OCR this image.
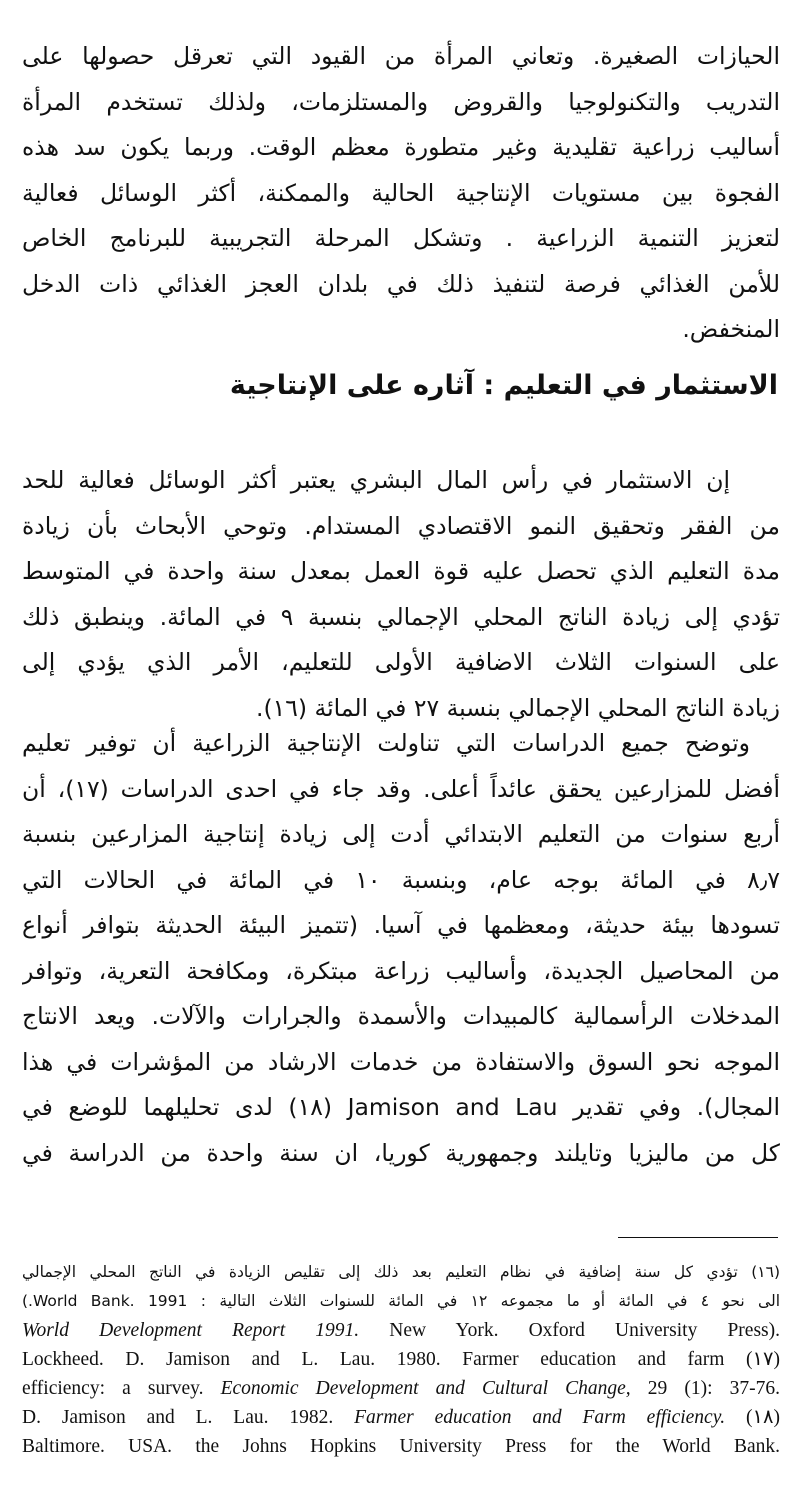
الحيازات الصغيرة. وتعاني المرأة من القيود التي تعرقل حصولها على
التدريب والتكنولوجيا والقروض والمستلزمات، ولذلك تستخدم المرأة
أساليب زراعية تقليدية وغير متطورة معظم الوقت. وربما يكون سد هذه
الفجوة بين مستويات الإنتاجية الحالية والممكنة، أكثر الوسائل فعالية
لتعزيز التنمية الزراعية . وتشكل المرحلة التجريبية للبرنامج الخاص
للأمن الغذائي فرصة لتنفيذ ذلك في بلدان العجز الغذائي ذات الدخل
المنخفض.
الاستثمار في التعليم : آثاره على الإنتاجية
إن الاستثمار في رأس المال البشري يعتبر أكثر الوسائل فعالية للحد
من الفقر وتحقيق النمو الاقتصادي المستدام. وتوحي الأبحاث بأن زيادة
مدة التعليم الذي تحصل عليه قوة العمل بمعدل سنة واحدة في المتوسط
تؤدي إلى زيادة الناتج المحلي الإجمالي بنسبة ٩ في المائة. وينطبق ذلك
على السنوات الثلاث الاضافية الأولى للتعليم، الأمر الذي يؤدي إلى
زيادة الناتج المحلي الإجمالي بنسبة ٢٧ في المائة (١٦).
وتوضح جميع الدراسات التي تناولت الإنتاجية الزراعية أن توفير تعليم
أفضل للمزارعين يحقق عائداً أعلى. وقد جاء في احدى الدراسات (١٧)، أن
أربع سنوات من التعليم الابتدائي أدت إلى زيادة إنتاجية المزارعين بنسبة
٨٫٧ في المائة بوجه عام، وبنسبة ١٠ في المائة في الحالات التي
تسودها بيئة حديثة، ومعظمها في آسيا. (تتميز البيئة الحديثة بتوافر أنواع
من المحاصيل الجديدة، وأساليب زراعة مبتكرة، ومكافحة التعرية، وتوافر
المدخلات الرأسمالية كالمبيدات والأسمدة والجرارات والآلات. ويعد الانتاج
الموجه نحو السوق والاستفادة من خدمات الارشاد من المؤشرات في هذا
المجال). وفي تقدير Jamison and Lau (١٨) لدى تحليلهما للوضع في
كل من ماليزيا وتايلند وجمهورية كوريا، ان سنة واحدة من الدراسة في
(١٦) تؤدي كل سنة إضافية في نظام التعليم بعد ذلك إلى تقليص الزيادة في الناتج المحلي الإجمالي
الى نحو ٤ في المائة أو ما مجموعه ١٢ في المائة للسنوات الثلاث التالية : World Bank. 1991.)
World Development Report 1991. New York. Oxford University Press).
Lockheed. D. Jamison and L. Lau. 1980. Farmer education and farm (١٧)
efficiency: a survey. Economic Development and Cultural Change, 29 (1): 37-76.
D. Jamison and L. Lau. 1982. Farmer education and Farm efficiency. (١٨)
Baltimore. USA. the Johns Hopkins University Press for the World Bank.
